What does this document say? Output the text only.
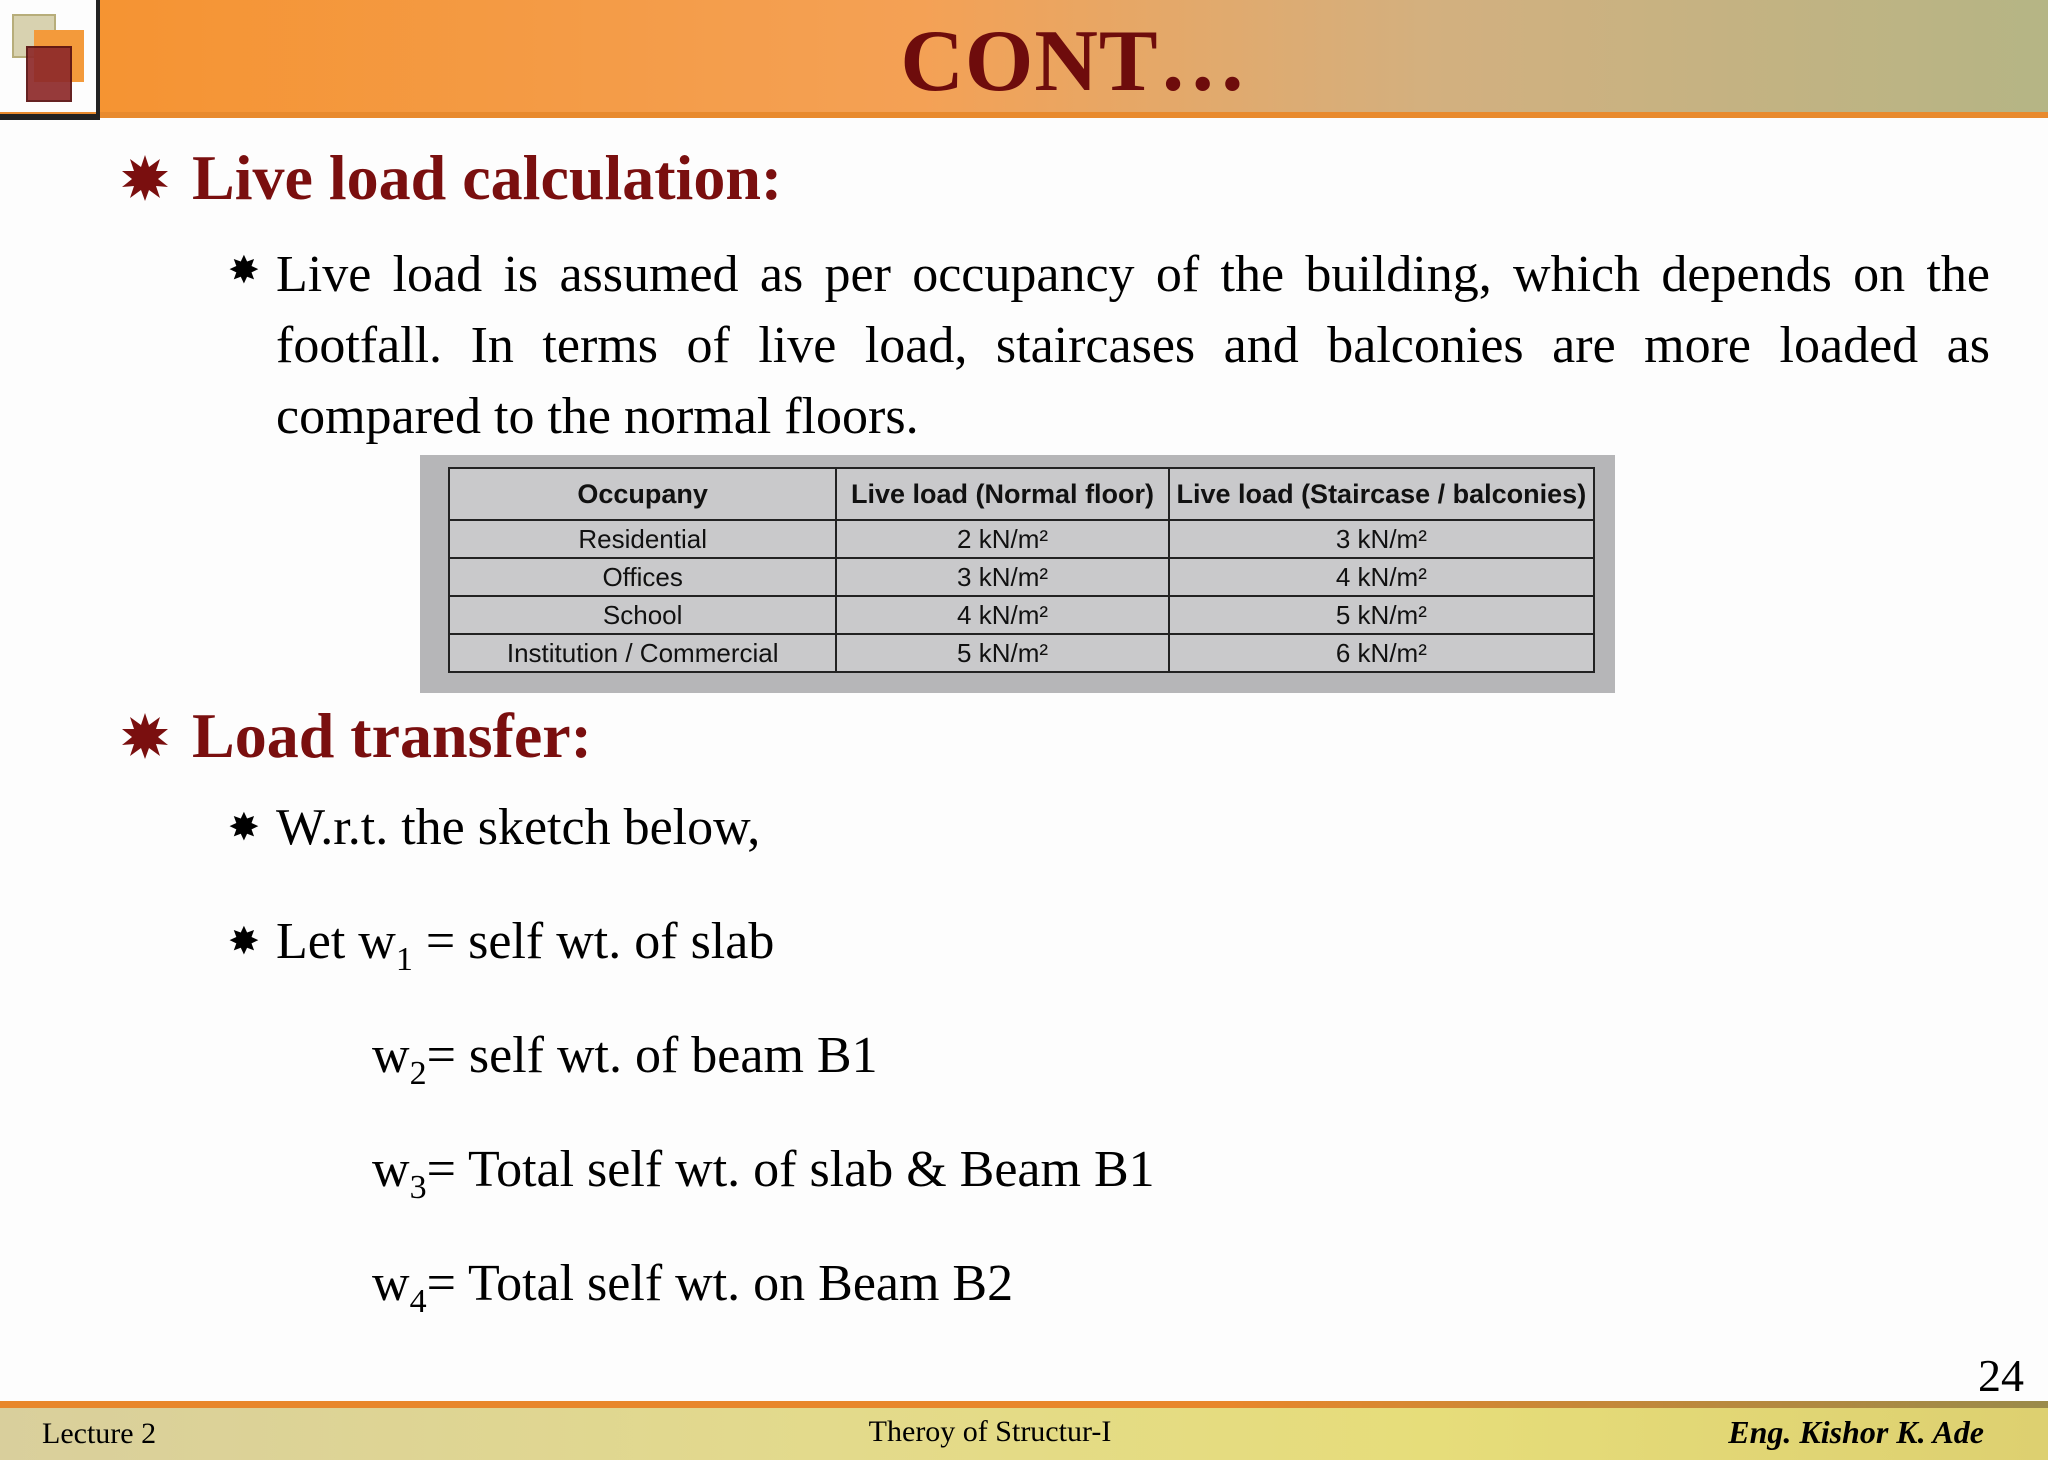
CONT…
Live load calculation:
✸ Live load is assumed as per occupancy of the building, which depends on the footfall. In terms of live load, staircases and balconies are more loaded as compared to the normal floors.
Occupany	Live load (Normal floor)	Live load (Staircase / balconies)
Residential	2 kN/m²	3 kN/m²
Offices	3 kN/m²	4 kN/m²
School	4 kN/m²	5 kN/m²
Institution / Commercial	5 kN/m²	6 kN/m²
Load transfer:
✸ W.r.t. the sketch below,
✸ Let $w_1$ = self wt. of slab
$w_2=$ self wt. of beam B1
$w_3=$ Total self wt. of slab & Beam B1
$w_4=$ Total self wt. on Beam B2
24
Lecture 2	Theroy of Structur-I	Eng. Kishor K. Ade
